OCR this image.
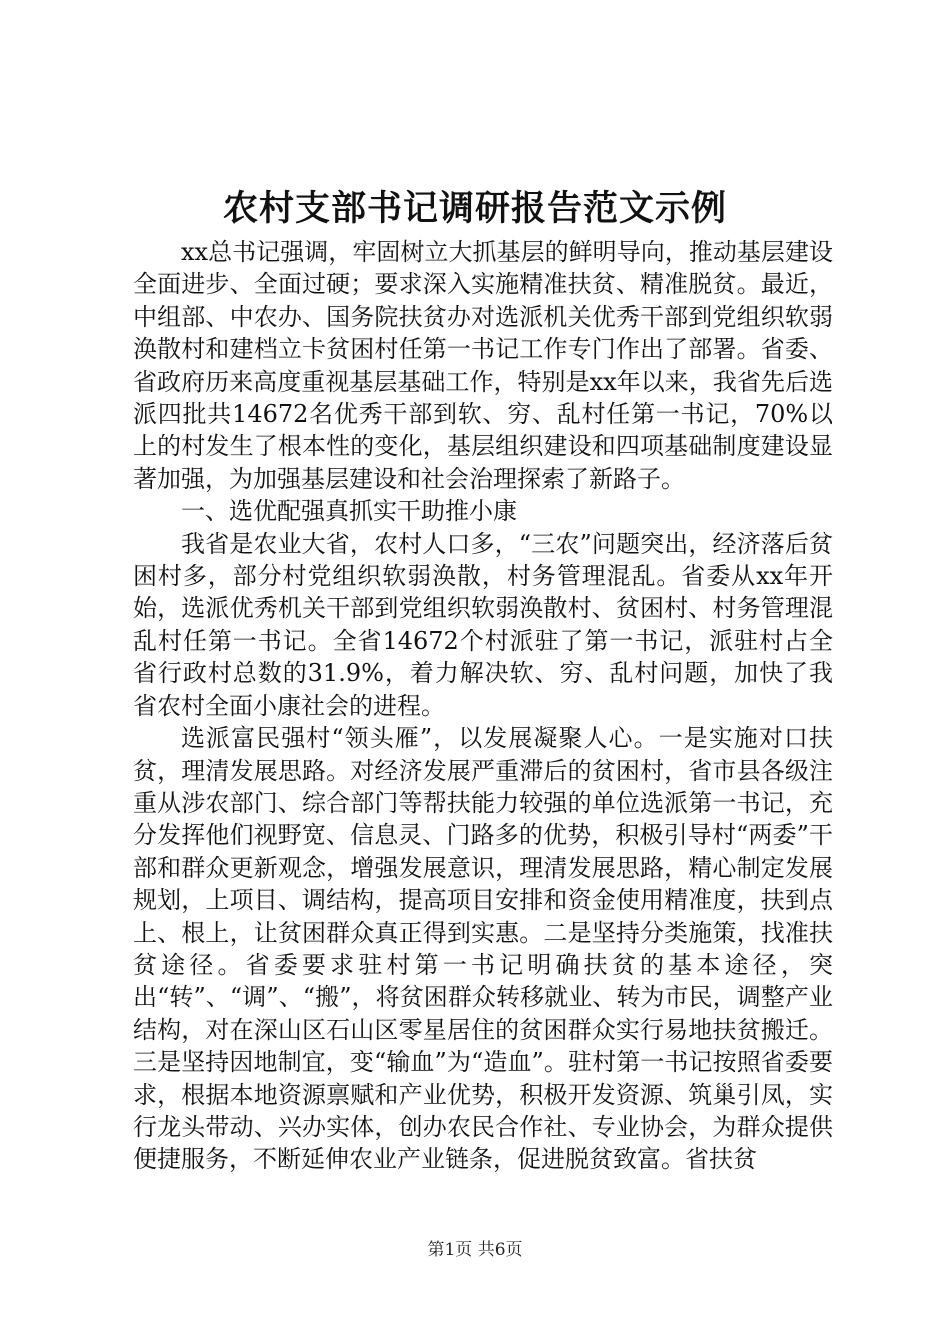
农村支部书记调研报告范文示例

xx总书记强调，牢固树立大抓基层的鲜明导向，推动基层建设全面进步、全面过硬；要求深入实施精准扶贫、精准脱贫。最近，中组部、中农办、国务院扶贫办对选派机关优秀干部到党组织软弱涣散村和建档立卡贫困村任第一书记工作专门作出了部署。省委、省政府历来高度重视基层基础工作，特别是xx年以来，我省先后选派四批共14672名优秀干部到软、穷、乱村任第一书记，70%以上的村发生了根本性的变化，基层组织建设和四项基础制度建设显著加强，为加强基层建设和社会治理探索了新路子。

一、选优配强真抓实干助推小康

我省是农业大省，农村人口多，“三农”问题突出，经济落后贫困村多，部分村党组织软弱涣散，村务管理混乱。省委从xx年开始，选派优秀机关干部到党组织软弱涣散村、贫困村、村务管理混乱村任第一书记。全省14672个村派驻了第一书记，派驻村占全省行政村总数的31.9%，着力解决软、穷、乱村问题，加快了我省农村全面小康社会的进程。

选派富民强村“领头雁”，以发展凝聚人心。一是实施对口扶贫，理清发展思路。对经济发展严重滞后的贫困村，省市县各级注重从涉农部门、综合部门等帮扶能力较强的单位选派第一书记，充分发挥他们视野宽、信息灵、门路多的优势，积极引导村“两委”干部和群众更新观念，增强发展意识，理清发展思路，精心制定发展规划，上项目、调结构，提高项目安排和资金使用精准度，扶到点上、根上，让贫困群众真正得到实惠。二是坚持分类施策，找准扶贫途径。省委要求驻村第一书记明确扶贫的基本途径，突出“转”、“调”、“搬”，将贫困群众转移就业、转为市民，调整产业结构，对在深山区石山区零星居住的贫困群众实行易地扶贫搬迁。三是坚持因地制宜，变“输血”为“造血”。驻村第一书记按照省委要求，根据本地资源禀赋和产业优势，积极开发资源、筑巢引凤，实行龙头带动、兴办实体，创办农民合作社、专业协会，为群众提供便捷服务，不断延伸农业产业链条，促进脱贫致富。省扶贫

第1页 共6页
